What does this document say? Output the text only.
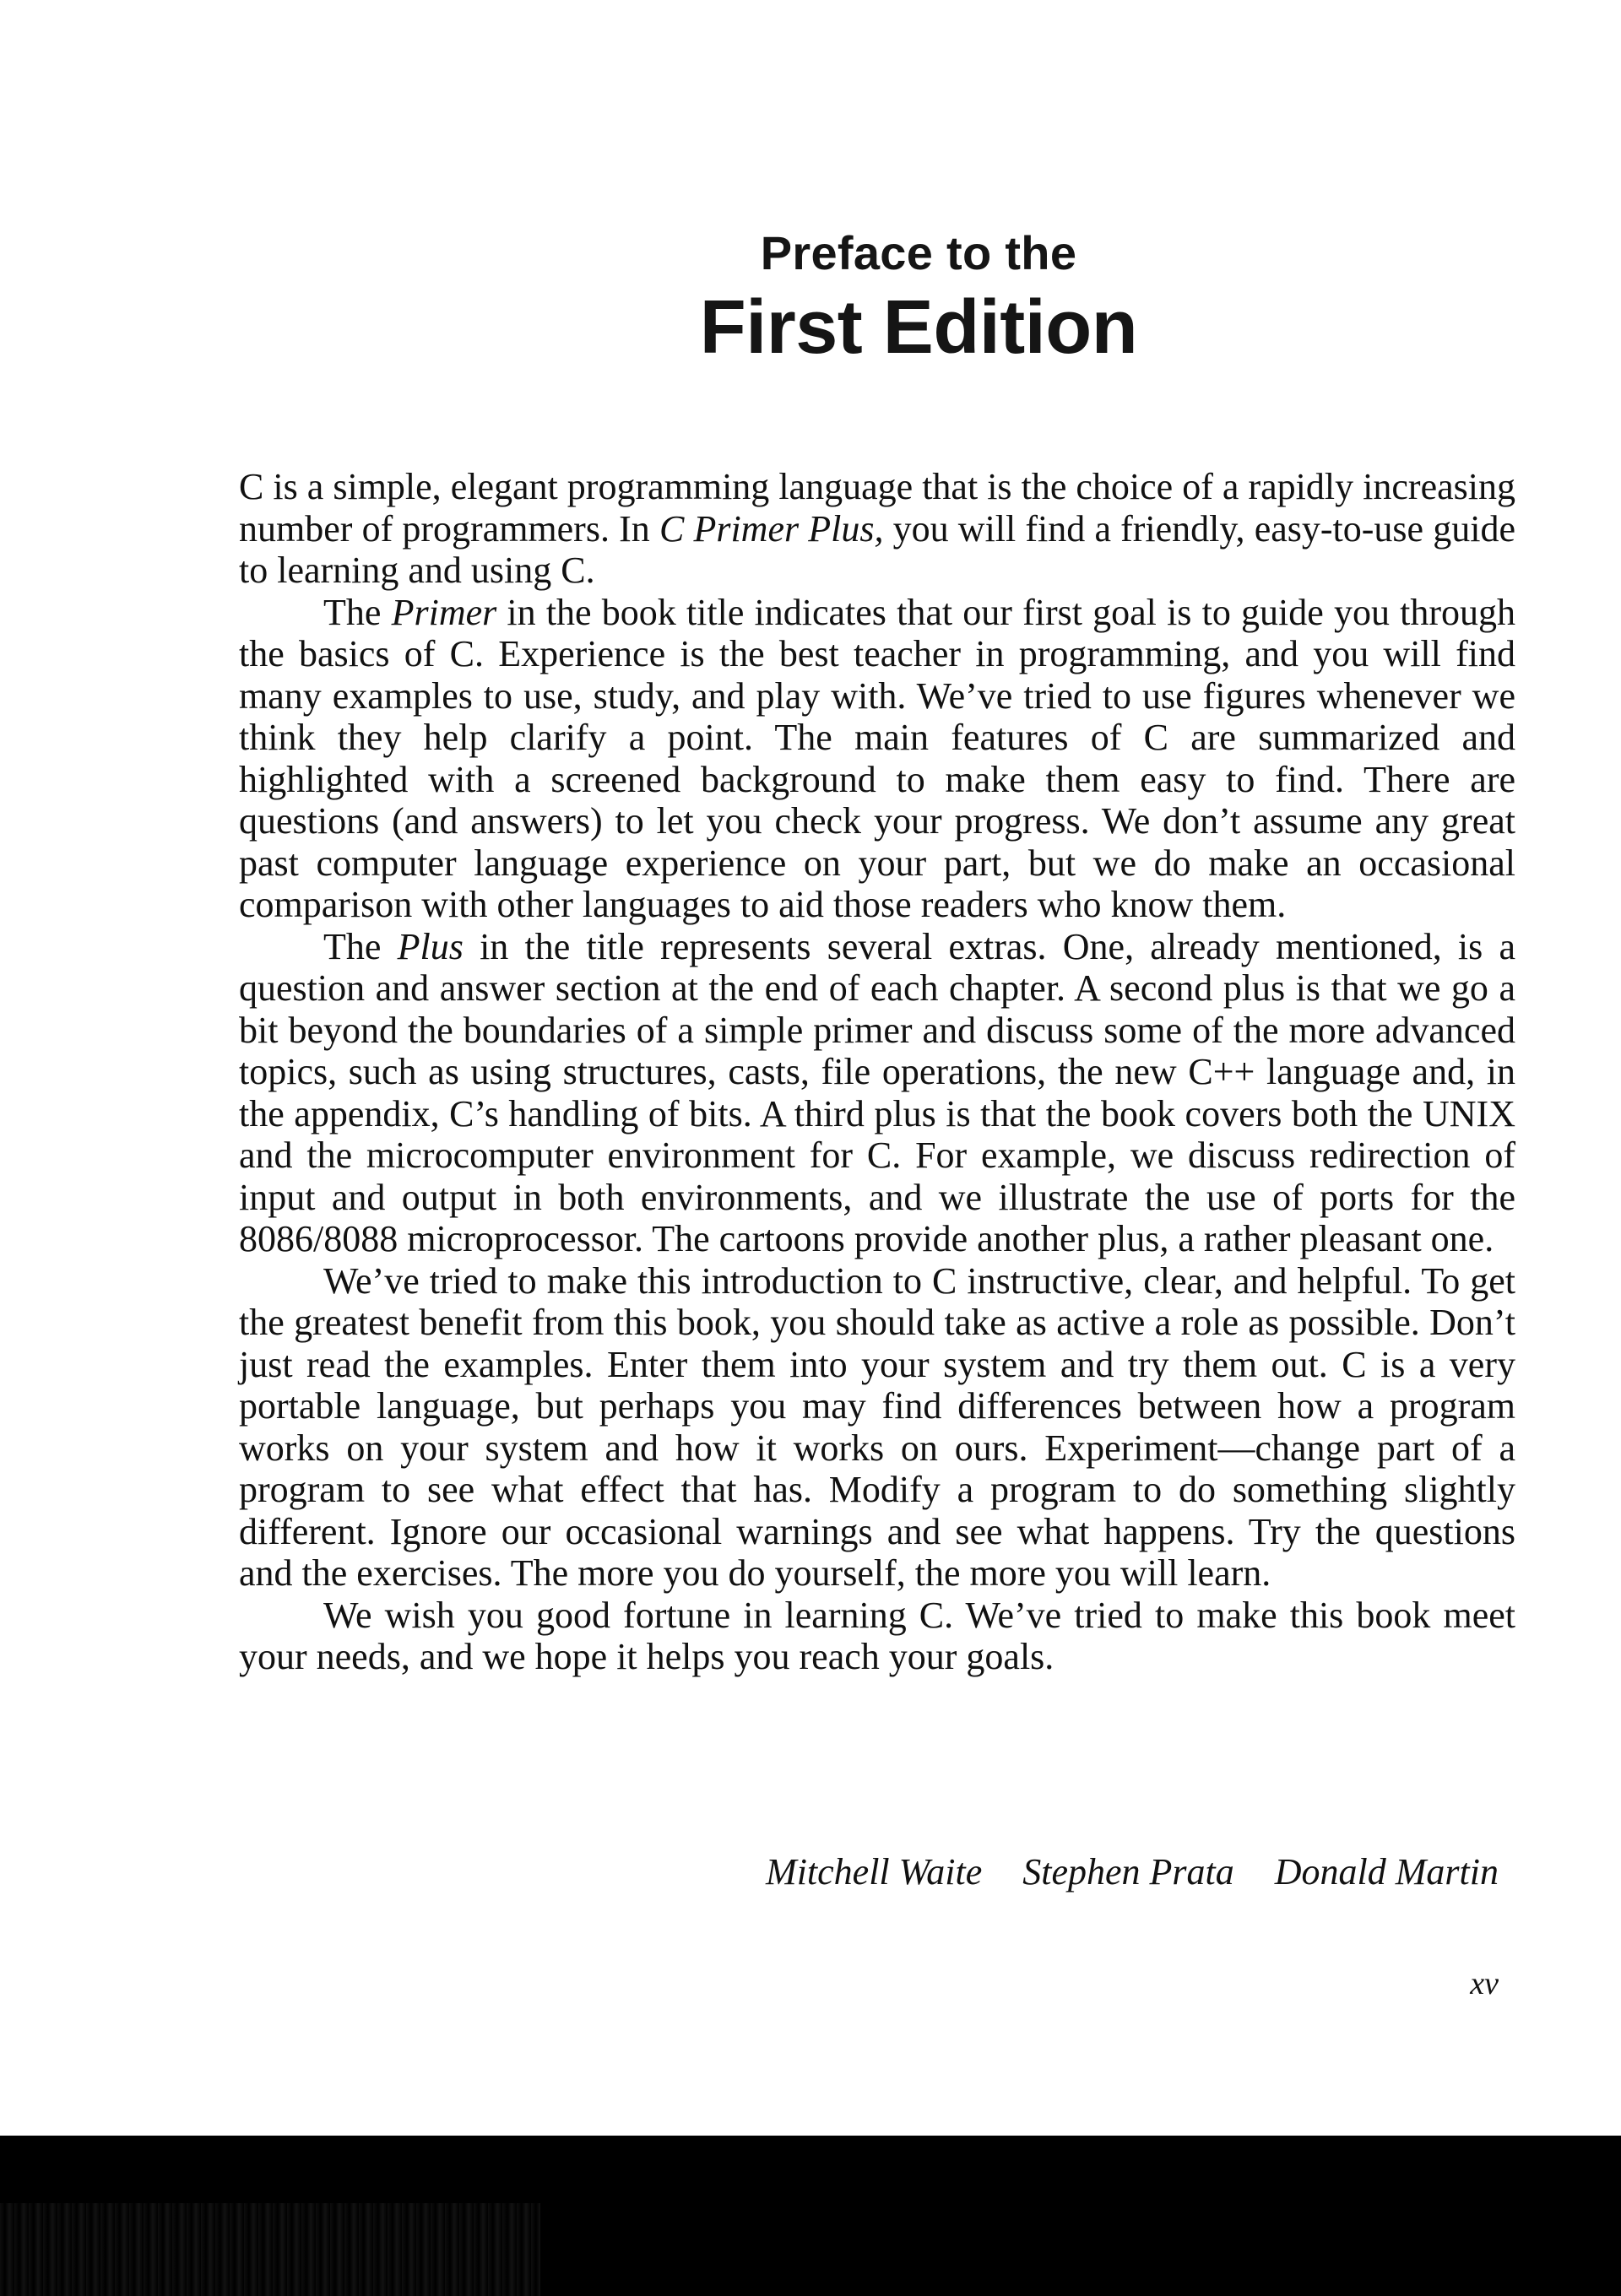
Preface to the
First Edition

C is a simple, elegant programming language that is the choice of a rapidly increasing number of programmers. In C Primer Plus, you will find a friendly, easy-to-use guide to learning and using C.

The Primer in the book title indicates that our first goal is to guide you through the basics of C. Experience is the best teacher in programming, and you will find many examples to use, study, and play with. We’ve tried to use figures whenever we think they help clarify a point. The main features of C are summarized and highlighted with a screened background to make them easy to find. There are questions (and answers) to let you check your progress. We don’t assume any great past computer language experience on your part, but we do make an occasional comparison with other languages to aid those readers who know them.

The Plus in the title represents several extras. One, already mentioned, is a question and answer section at the end of each chapter. A second plus is that we go a bit beyond the boundaries of a simple primer and discuss some of the more advanced topics, such as using structures, casts, file operations, the new C++ language and, in the appendix, C’s handling of bits. A third plus is that the book covers both the UNIX and the microcomputer environment for C. For example, we discuss redirection of input and output in both environments, and we illustrate the use of ports for the 8086/8088 microprocessor. The cartoons provide another plus, a rather pleasant one.

We’ve tried to make this introduction to C instructive, clear, and helpful. To get the greatest benefit from this book, you should take as active a role as possible. Don’t just read the examples. Enter them into your system and try them out. C is a very portable language, but perhaps you may find differences between how a program works on your system and how it works on ours. Experiment—change part of a program to see what effect that has. Modify a program to do something slightly different. Ignore our occasional warnings and see what happens. Try the questions and the exercises. The more you do yourself, the more you will learn.

We wish you good fortune in learning C. We’ve tried to make this book meet your needs, and we hope it helps you reach your goals.

Mitchell Waite Stephen Prata Donald Martin
xv
